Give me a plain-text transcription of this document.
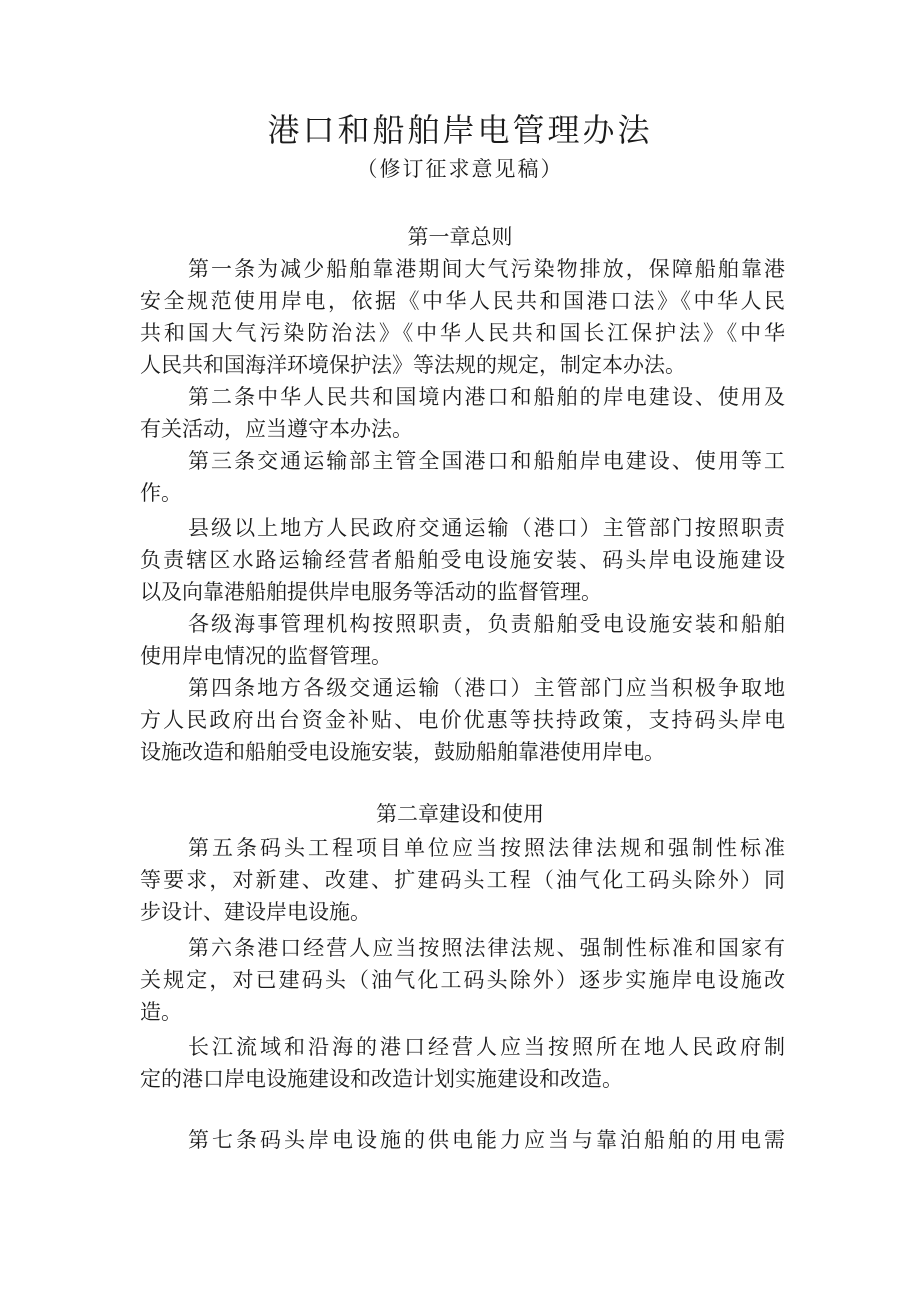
港口和船舶岸电管理办法
（修订征求意见稿）
第一章总则
第一条为减少船舶靠港期间大气污染物排放，保障船舶靠港
安全规范使用岸电，依据《中华人民共和国港口法》《中华人民
共和国大气污染防治法》《中华人民共和国长江保护法》《中华
人民共和国海洋环境保护法》等法规的规定，制定本办法。
第二条中华人民共和国境内港口和船舶的岸电建设、使用及
有关活动，应当遵守本办法。
第三条交通运输部主管全国港口和船舶岸电建设、使用等工
作。
县级以上地方人民政府交通运输（港口）主管部门按照职责
负责辖区水路运输经营者船舶受电设施安装、码头岸电设施建设
以及向靠港船舶提供岸电服务等活动的监督管理。
各级海事管理机构按照职责，负责船舶受电设施安装和船舶
使用岸电情况的监督管理。
第四条地方各级交通运输（港口）主管部门应当积极争取地
方人民政府出台资金补贴、电价优惠等扶持政策，支持码头岸电
设施改造和船舶受电设施安装，鼓励船舶靠港使用岸电。
第二章建设和使用
第五条码头工程项目单位应当按照法律法规和强制性标准
等要求，对新建、改建、扩建码头工程（油气化工码头除外）同
步设计、建设岸电设施。
第六条港口经营人应当按照法律法规、强制性标准和国家有
关规定，对已建码头（油气化工码头除外）逐步实施岸电设施改
造。
长江流域和沿海的港口经营人应当按照所在地人民政府制
定的港口岸电设施建设和改造计划实施建设和改造。
第七条码头岸电设施的供电能力应当与靠泊船舶的用电需
